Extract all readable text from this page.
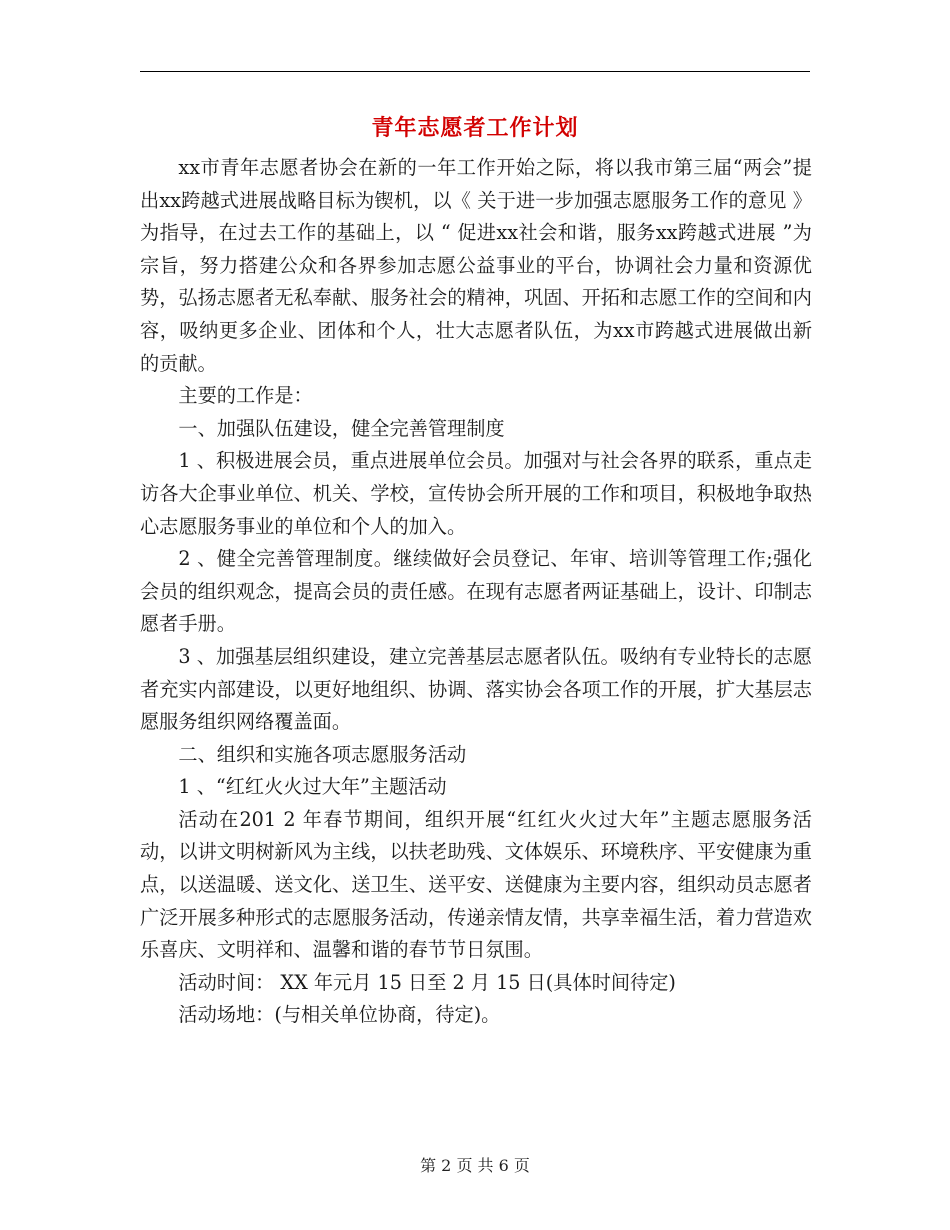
青年志愿者工作计划

xx市青年志愿者协会在新的一年工作开始之际，将以我市第三届“两会”提出xx跨越式进展战略目标为锲机，以《 关于进一步加强志愿服务工作的意见 》为指导，在过去工作的基础上，以 “ 促进xx社会和谐，服务xx跨越式进展 ”为宗旨，努力搭建公众和各界参加志愿公益事业的平台，协调社会力量和资源优势，弘扬志愿者无私奉献、服务社会的精神，巩固、开拓和志愿工作的空间和内容，吸纳更多企业、团体和个人，壮大志愿者队伍，为xx市跨越式进展做出新的贡献。

主要的工作是：

一、加强队伍建设，健全完善管理制度

1 、积极进展会员，重点进展单位会员。加强对与社会各界的联系，重点走访各大企事业单位、机关、学校，宣传协会所开展的工作和项目，积极地争取热心志愿服务事业的单位和个人的加入。

2 、健全完善管理制度。继续做好会员登记、年审、培训等管理工作;强化会员的组织观念，提高会员的责任感。在现有志愿者两证基础上，设计、印制志愿者手册。

3 、加强基层组织建设，建立完善基层志愿者队伍。吸纳有专业特长的志愿者充实内部建设，以更好地组织、协调、落实协会各项工作的开展，扩大基层志愿服务组织网络覆盖面。

二、组织和实施各项志愿服务活动

1 、“红红火火过大年”主题活动

活动在201 2 年春节期间，组织开展“红红火火过大年”主题志愿服务活动，以讲文明树新风为主线，以扶老助残、文体娱乐、环境秩序、平安健康为重点，以送温暖、送文化、送卫生、送平安、送健康为主要内容，组织动员志愿者广泛开展多种形式的志愿服务活动，传递亲情友情，共享幸福生活，着力营造欢乐喜庆、文明祥和、温馨和谐的春节节日氛围。

活动时间： XX 年元月 15 日至 2 月 15 日(具体时间待定)

活动场地：(与相关单位协商，待定)。

第 2 页 共 6 页
